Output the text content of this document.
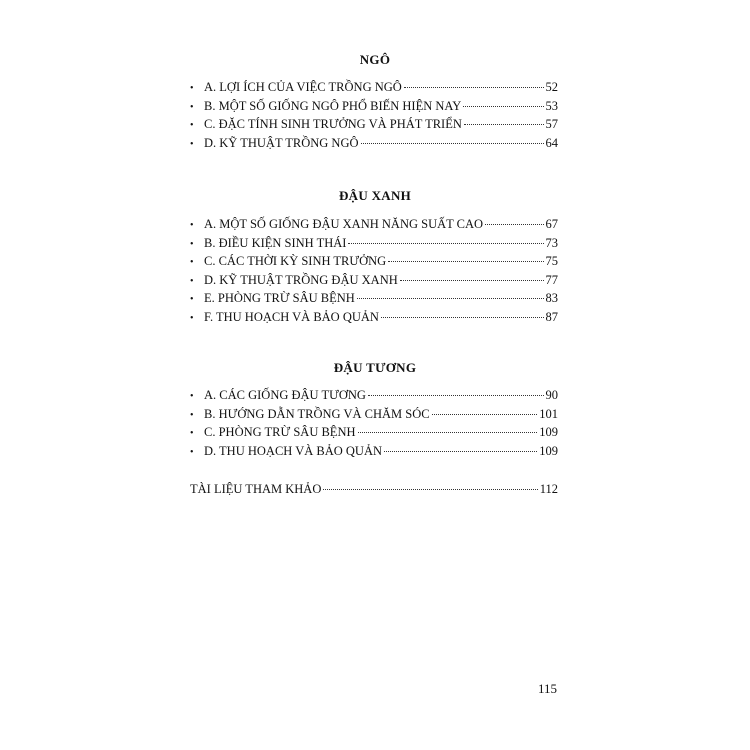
NGÔ
• A. LỢI ÍCH CỦA VIỆC TRỒNG NGÔ	52
• B. MỘT SỐ GIỐNG NGÔ PHỔ BIẾN HIỆN NAY	53
• C. ĐẶC TÍNH SINH TRƯỞNG VÀ PHÁT TRIỂN	57
• D. KỸ THUẬT TRỒNG NGÔ	64
ĐẬU XANH
• A. MỘT SỐ GIỐNG ĐẬU XANH NĂNG SUẤT CAO	67
• B. ĐIỀU KIỆN SINH THÁI	73
• C. CÁC THỜI KỲ SINH TRƯỞNG	75
• D. KỸ THUẬT TRỒNG ĐẬU XANH	77
• E. PHÒNG TRỪ SÂU BỆNH	83
• F. THU HOẠCH VÀ BẢO QUẢN	87
ĐẬU TƯƠNG
• A. CÁC GIỐNG ĐẬU TƯƠNG	90
• B. HƯỚNG DẪN TRỒNG VÀ CHĂM SÓC	101
• C. PHÒNG TRỪ SÂU BỆNH	109
• D. THU HOẠCH VÀ BẢO QUẢN	109
TÀI LIỆU THAM KHẢO	112
115
